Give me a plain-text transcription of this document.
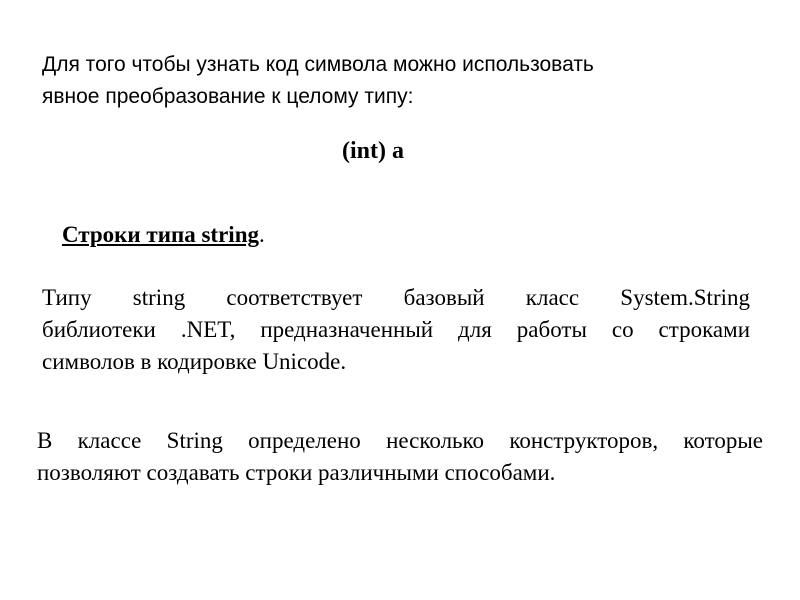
Для того чтобы узнать код символа можно использовать
явное преобразование к целому типу:
(int) a
Строки типа string.
Типу string соответствует базовый класс System.String
библиотеки .NET, предназначенный для работы со строками
символов в кодировке Unicode.
В классе String определено несколько конструкторов, которые
позволяют создавать строки различными способами.
